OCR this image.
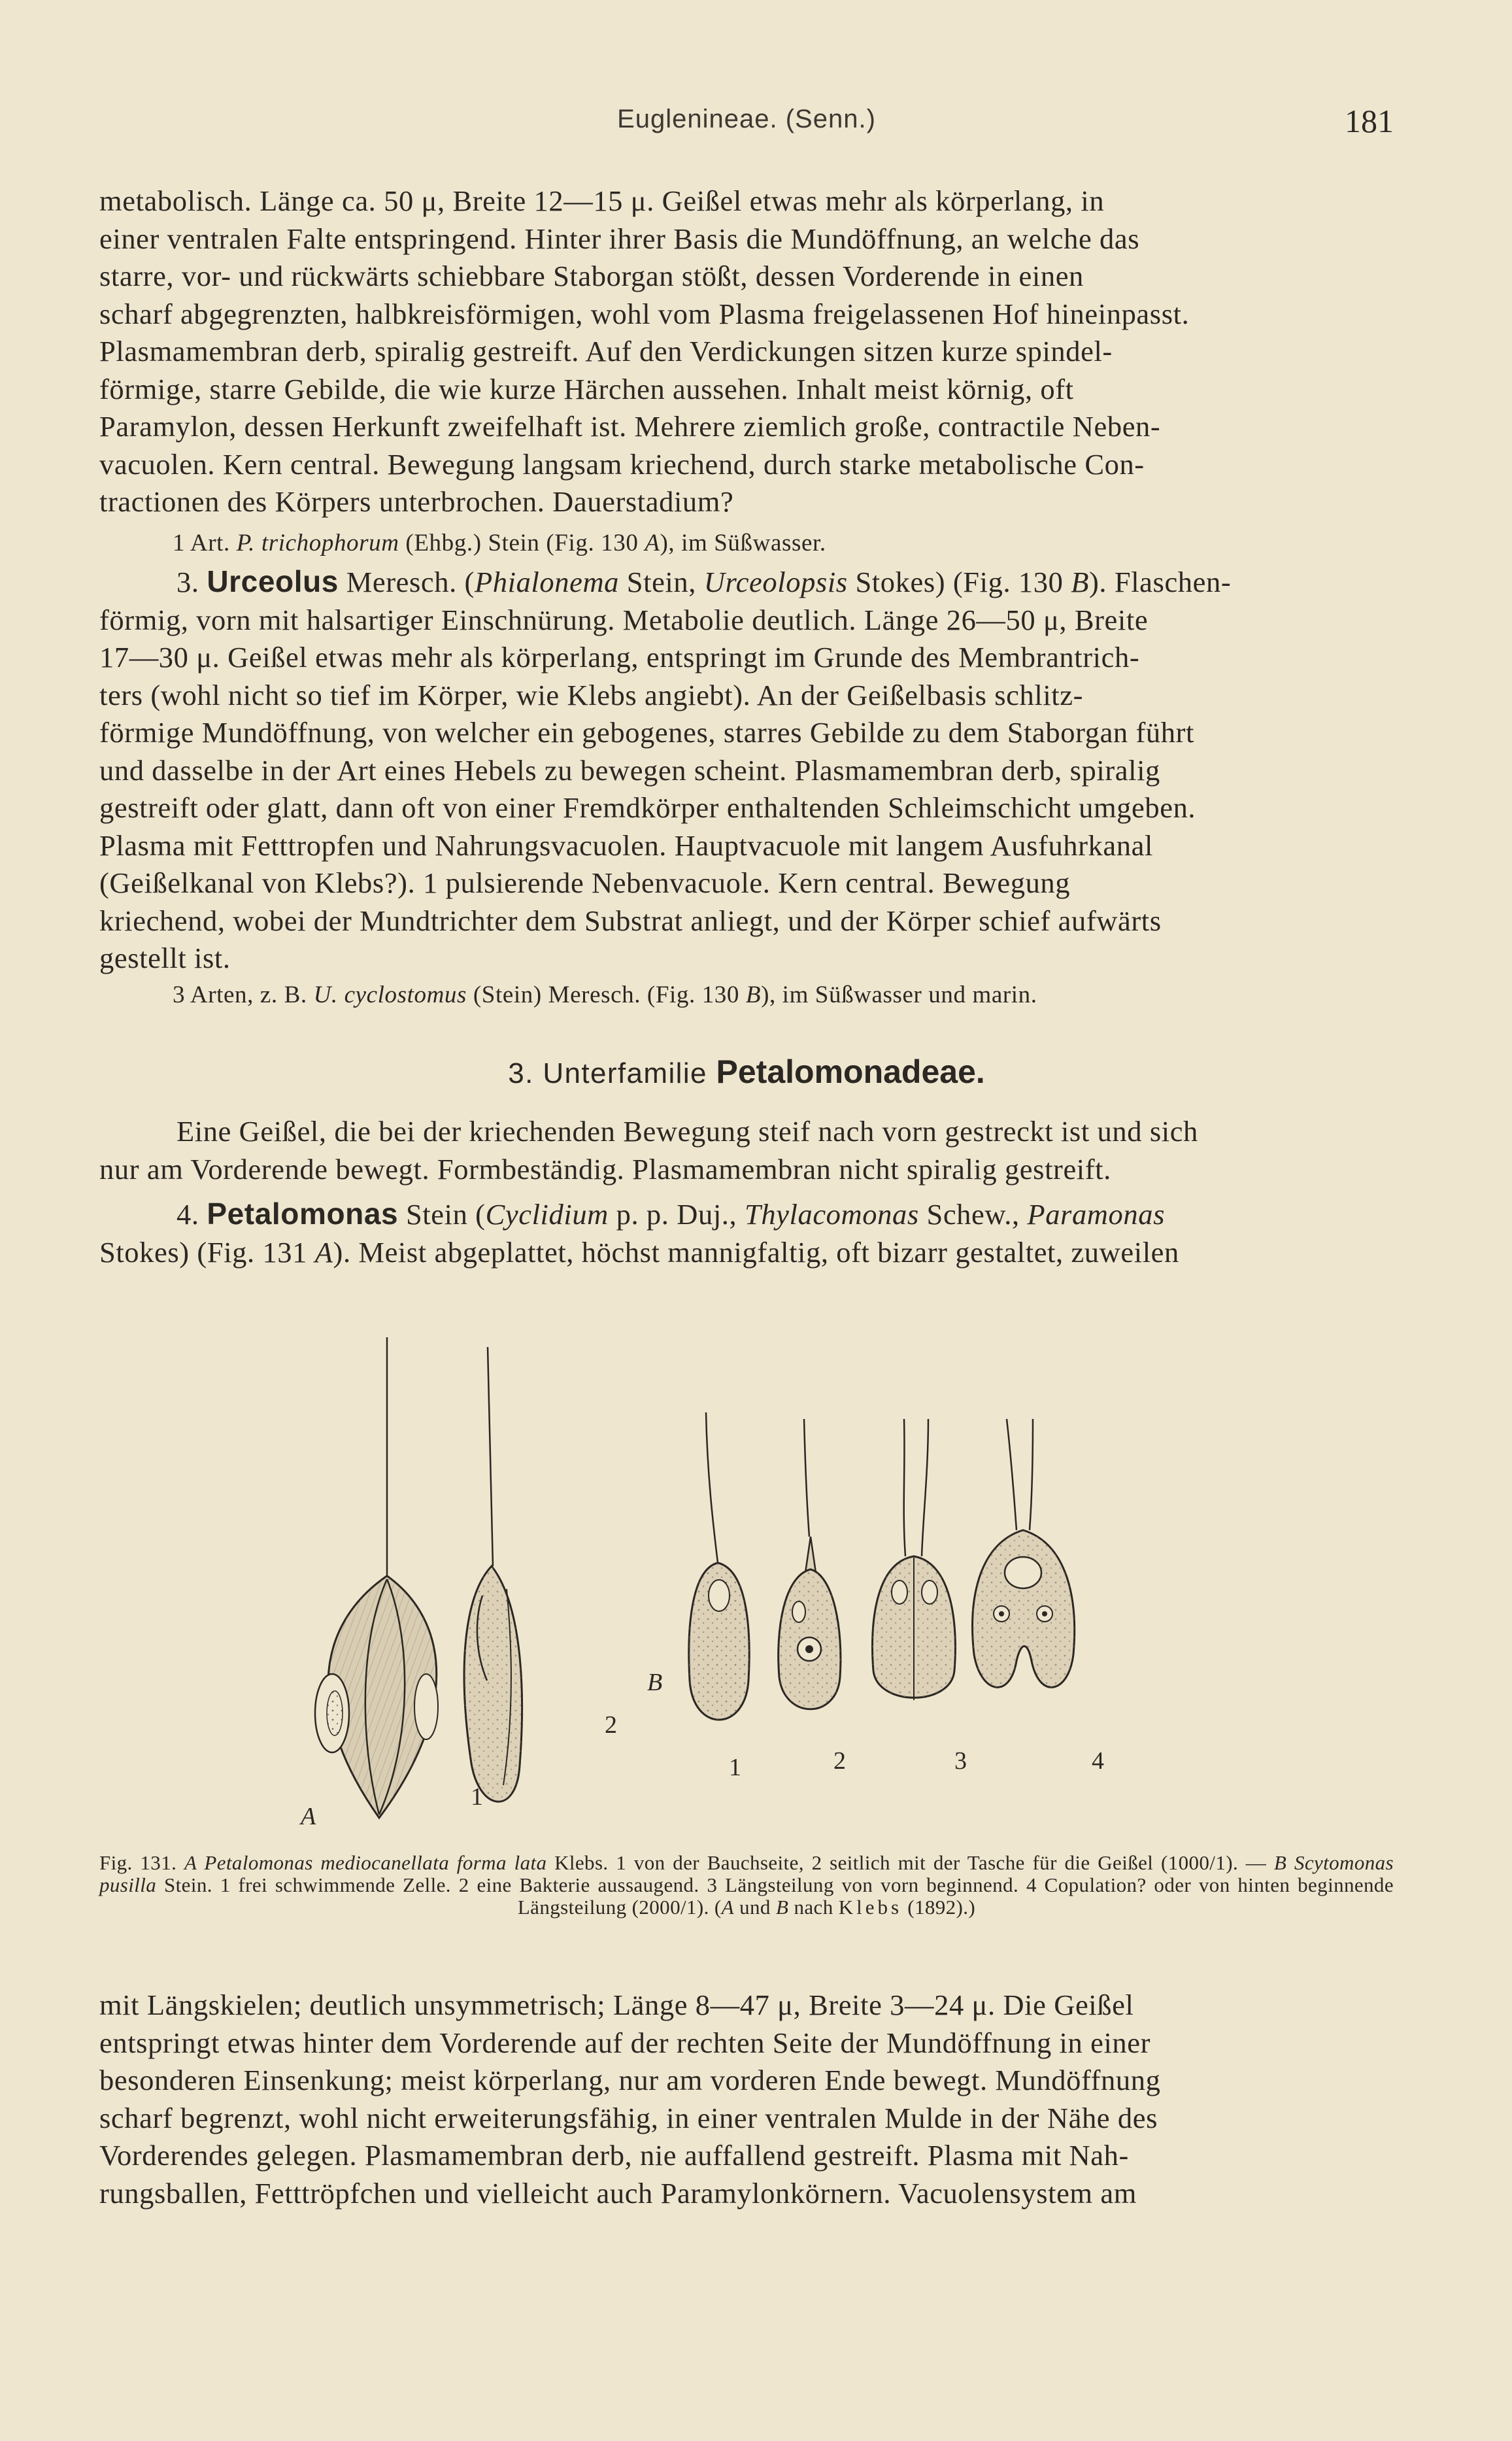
Euglenineae. (Senn.)	181

metabolisch. Länge ca. 50 μ, Breite 12—15 μ. Geißel etwas mehr als körperlang, in

einer ventralen Falte entspringend. Hinter ihrer Basis die Mundöffnung, an welche das

starre, vor- und rückwärts schiebbare Staborgan stößt, dessen Vorderende in einen

scharf abgegrenzten, halbkreisförmigen, wohl vom Plasma freigelassenen Hof hineinpasst.

Plasmamembran derb, spiralig gestreift. Auf den Verdickungen sitzen kurze spindel-

förmige, starre Gebilde, die wie kurze Härchen aussehen. Inhalt meist körnig, oft

Paramylon, dessen Herkunft zweifelhaft ist. Mehrere ziemlich große, contractile Neben-

vacuolen. Kern central. Bewegung langsam kriechend, durch starke metabolische Con-

tractionen des Körpers unterbrochen. Dauerstadium?

1 Art. P. trichophorum (Ehbg.) Stein (Fig. 130 A), im Süßwasser.

3. Urceolus Meresch. (Phialonema Stein, Urceolopsis Stokes) (Fig. 130 B). Flaschen-

förmig, vorn mit halsartiger Einschnürung. Metabolie deutlich. Länge 26—50 μ, Breite

17—30 μ. Geißel etwas mehr als körperlang, entspringt im Grunde des Membrantrich-

ters (wohl nicht so tief im Körper, wie Klebs angiebt). An der Geißelbasis schlitz-

förmige Mundöffnung, von welcher ein gebogenes, starres Gebilde zu dem Staborgan führt

und dasselbe in der Art eines Hebels zu bewegen scheint. Plasmamembran derb, spiralig

gestreift oder glatt, dann oft von einer Fremdkörper enthaltenden Schleimschicht umgeben.

Plasma mit Fetttropfen und Nahrungsvacuolen. Hauptvacuole mit langem Ausfuhrkanal

(Geißelkanal von Klebs?). 1 pulsierende Nebenvacuole. Kern central. Bewegung

kriechend, wobei der Mundtrichter dem Substrat anliegt, und der Körper schief aufwärts

gestellt ist.

3 Arten, z. B. U. cyclostomus (Stein) Meresch. (Fig. 130 B), im Süßwasser und marin.

3. Unterfamilie Petalomonadeae.

Eine Geißel, die bei der kriechenden Bewegung steif nach vorn gestreckt ist und sich

nur am Vorderende bewegt. Formbeständig. Plasmamembran nicht spiralig gestreift.

4. Petalomonas Stein (Cyclidium p. p. Duj., Thylacomonas Schew., Paramonas

Stokes) (Fig. 131 A). Meist abgeplattet, höchst mannigfaltig, oft bizarr gestaltet, zuweilen

A
1
2
B
1	2	3	4

Fig. 131. A Petalomonas mediocanellata forma lata Klebs. 1 von der Bauchseite, 2 seitlich mit der Tasche für die Geißel (1000/1). — B Scytomonas pusilla Stein. 1 frei schwimmende Zelle. 2 eine Bakterie aussaugend. 3 Längsteilung von vorn beginnend. 4 Copulation? oder von hinten beginnende Längsteilung (2000/1). (A und B nach Klebs (1892).)

mit Längskielen; deutlich unsymmetrisch; Länge 8—47 μ, Breite 3—24 μ. Die Geißel

entspringt etwas hinter dem Vorderende auf der rechten Seite der Mundöffnung in einer

besonderen Einsenkung; meist körperlang, nur am vorderen Ende bewegt. Mundöffnung

scharf begrenzt, wohl nicht erweiterungsfähig, in einer ventralen Mulde in der Nähe des

Vorderendes gelegen. Plasmamembran derb, nie auffallend gestreift. Plasma mit Nah-

rungsballen, Fetttröpfchen und vielleicht auch Paramylonkörnern. Vacuolensystem am
